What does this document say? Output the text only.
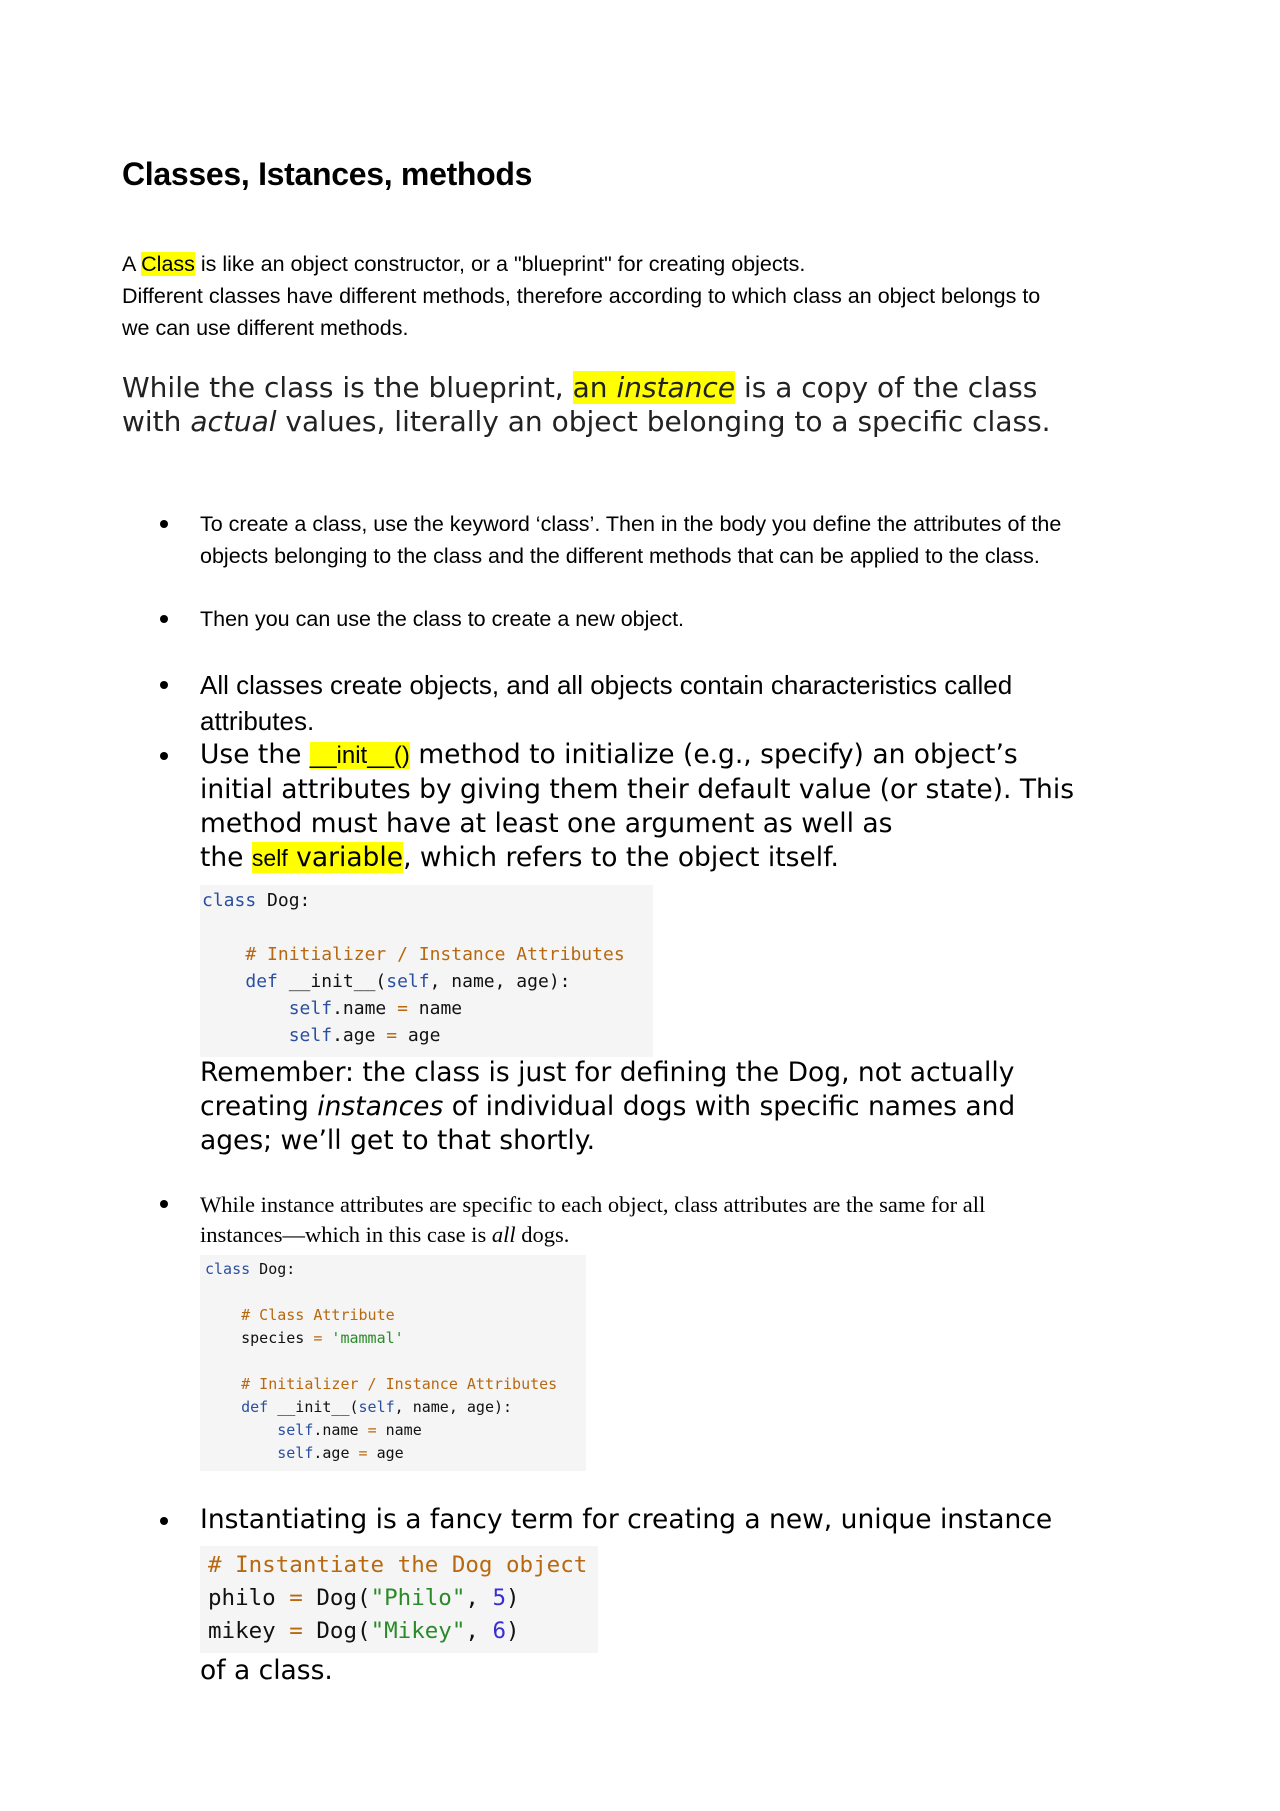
Classes, Istances, methods

A Class is like an object constructor, or a "blueprint" for creating objects.
Different classes have different methods, therefore according to which class an object belongs to
we can use different methods.

While the class is the blueprint, an instance is a copy of the class
with actual values, literally an object belonging to a specific class.

To create a class, use the keyword ‘class’. Then in the body you define the attributes of the
objects belonging to the class and the different methods that can be applied to the class.
Then you can use the class to create a new object.
All classes create objects, and all objects contain characteristics called
attributes.
Use the __init__() method to initialize (e.g., specify) an object’s
initial attributes by giving them their default value (or state). This
method must have at least one argument as well as
the self variable, which refers to the object itself.
While instance attributes are specific to each object, class attributes are the same for all
instances—which in this case is all dogs.
Instantiating is a fancy term for creating a new, unique instance
class Dog:

# Initializer / Instance Attributes
def __init__(self, name, age):
self.name = name
self.age = age
Remember: the class is just for defining the Dog, not actually
creating instances of individual dogs with specific names and
ages; we’ll get to that shortly.
class Dog:

# Class Attribute
species = 'mammal'

# Initializer / Instance Attributes
def __init__(self, name, age):
self.name = name
self.age = age
# Instantiate the Dog object
philo = Dog("Philo", 5)
mikey = Dog("Mikey", 6)
of a class.
